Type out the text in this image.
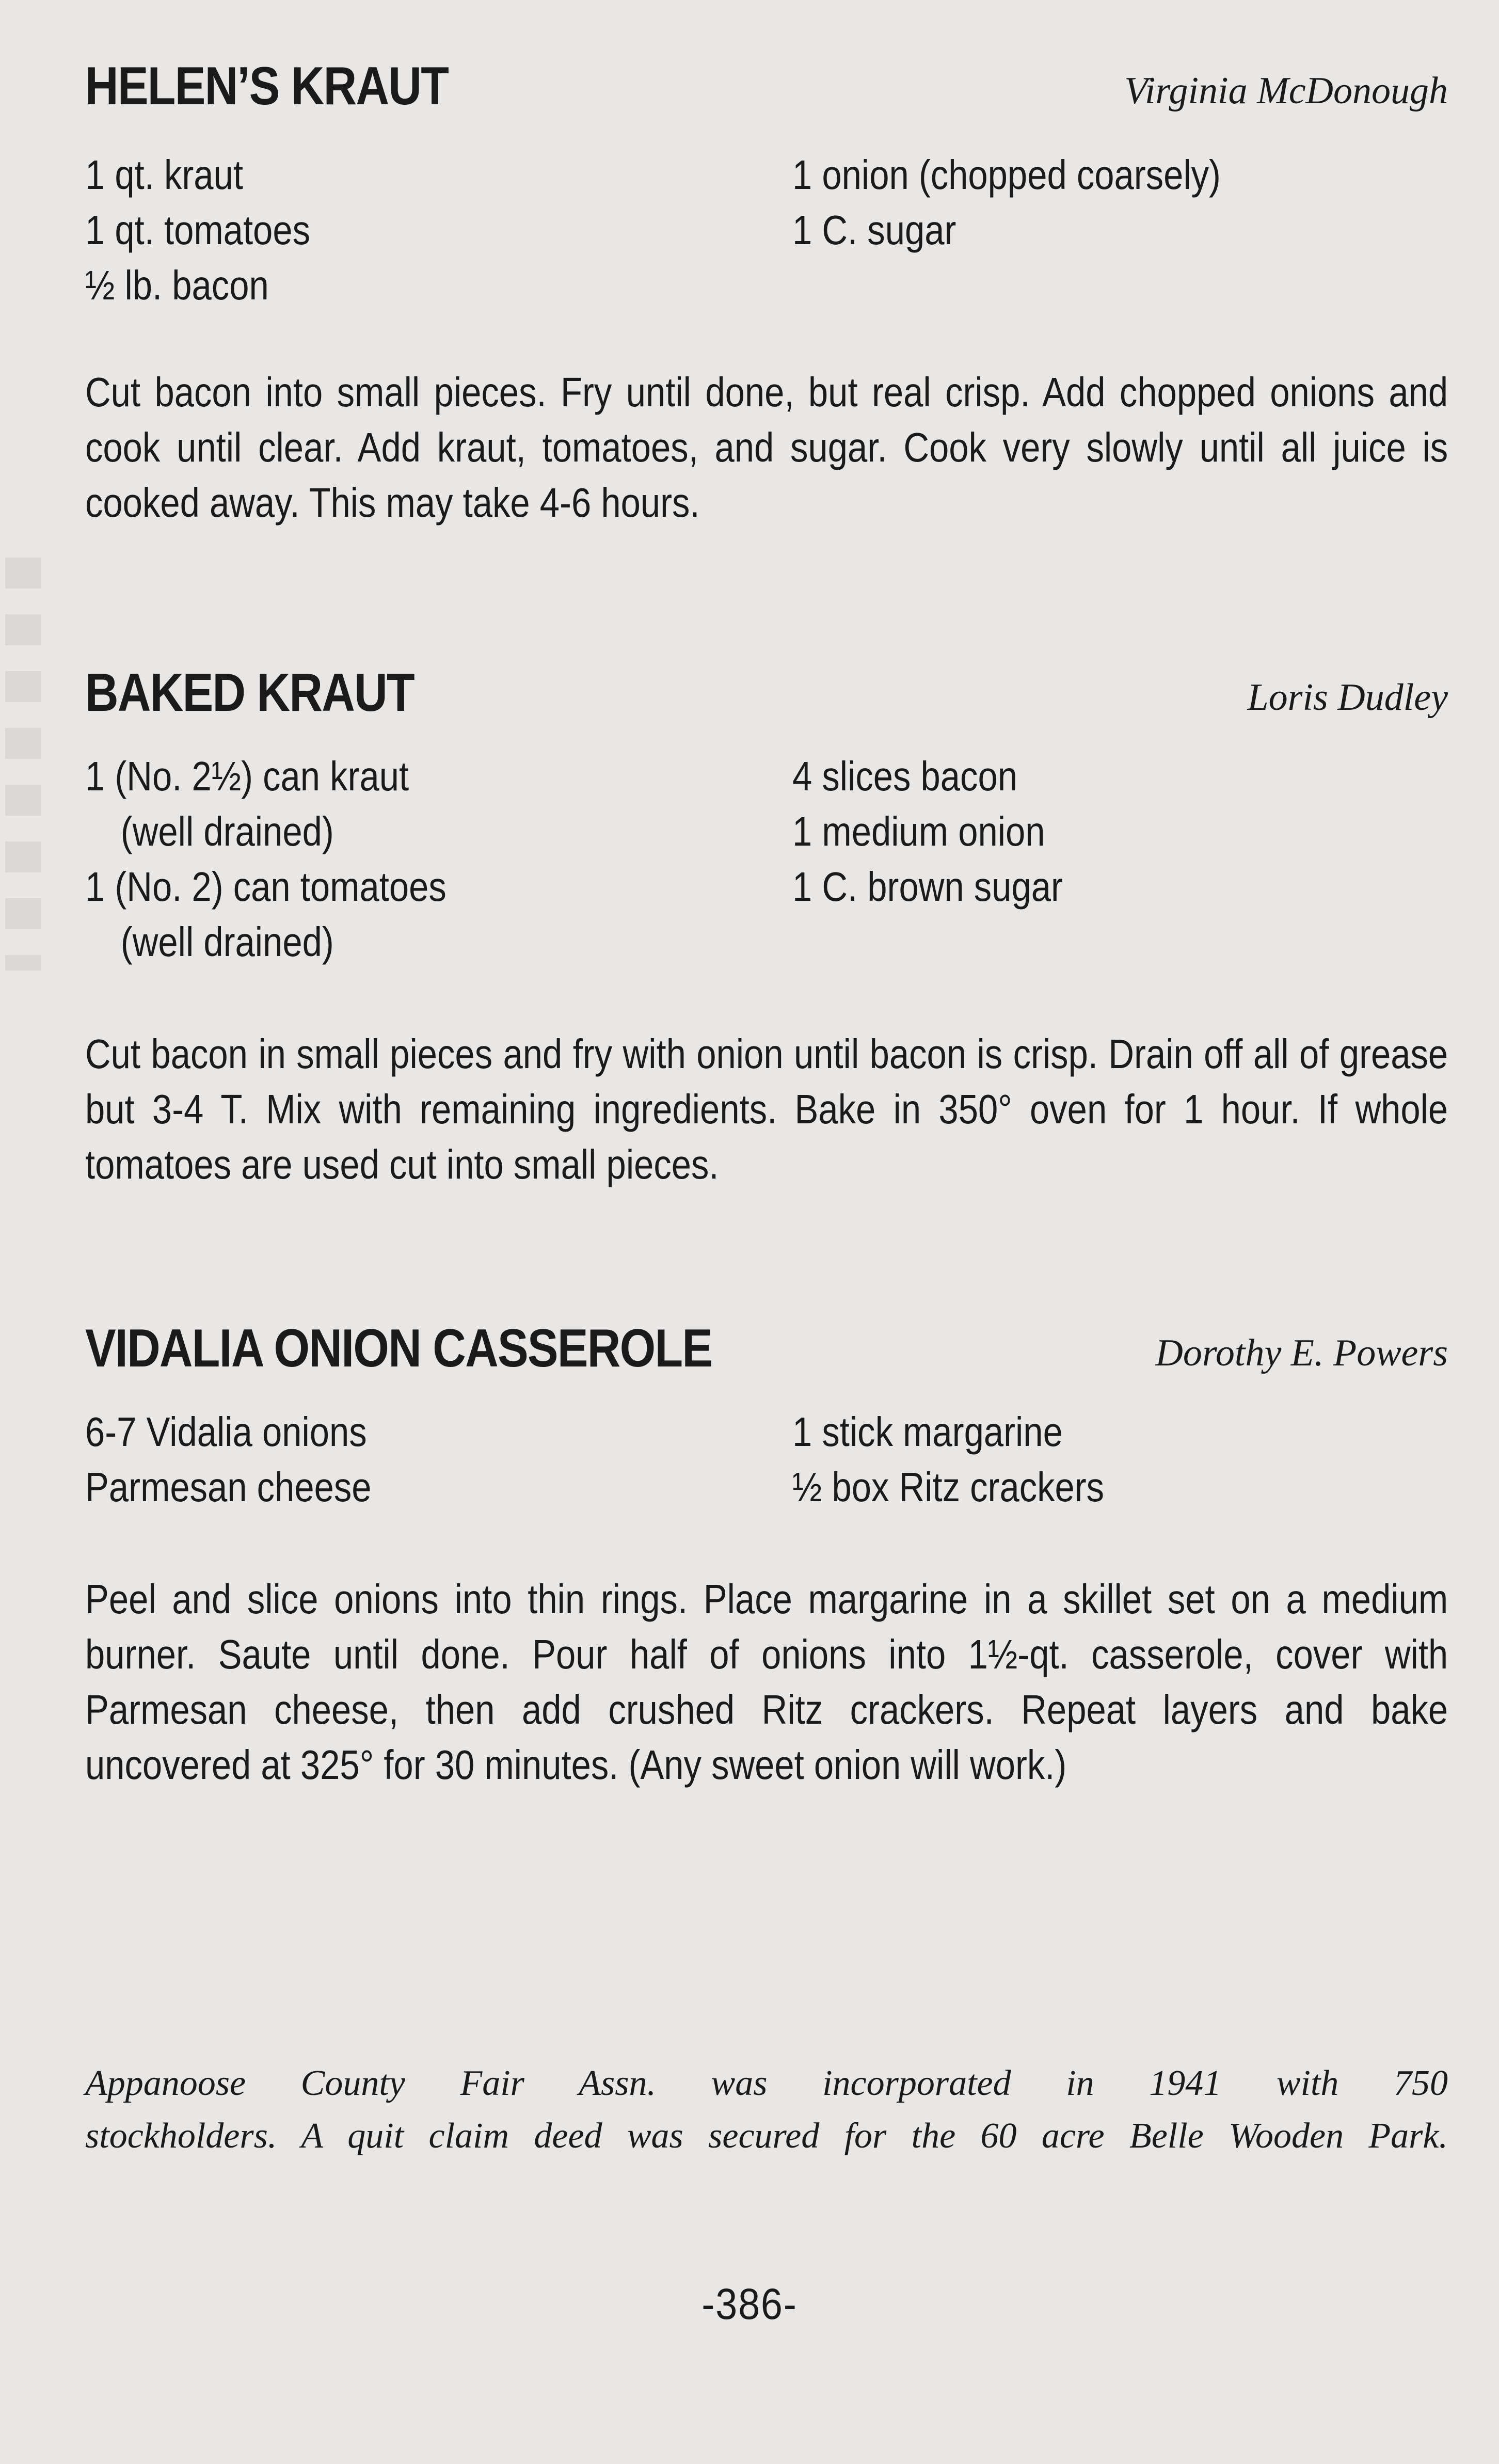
HELEN’S KRAUT	Virginia McDonough
1 qt. kraut
1 qt. tomatoes
½ lb. bacon
1 onion (chopped coarsely)
1 C. sugar
Cut bacon into small pieces. Fry until done, but real crisp. Add chopped onions and cook until clear. Add kraut, tomatoes, and sugar. Cook very slowly until all juice is cooked away. This may take 4-6 hours.
BAKED KRAUT	Loris Dudley
1 (No. 2½) can kraut
(well drained)
1 (No. 2) can tomatoes
(well drained)
4 slices bacon
1 medium onion
1 C. brown sugar
Cut bacon in small pieces and fry with onion until bacon is crisp. Drain off all of grease but 3-4 T. Mix with remaining ingredients. Bake in 350° oven for 1 hour. If whole tomatoes are used cut into small pieces.
VIDALIA ONION CASSEROLE	Dorothy E. Powers
6-7 Vidalia onions
Parmesan cheese
1 stick margarine
½ box Ritz crackers
Peel and slice onions into thin rings. Place margarine in a skillet set on a medium burner. Saute until done. Pour half of onions into 1½-qt. casserole, cover with Parmesan cheese, then add crushed Ritz crackers. Repeat layers and bake uncovered at 325° for 30 minutes. (Any sweet onion will work.)
Appanoose County Fair Assn. was incorporated in 1941 with 750
stockholders. A quit claim deed was secured for the 60 acre Belle Wooden Park.
-386-
